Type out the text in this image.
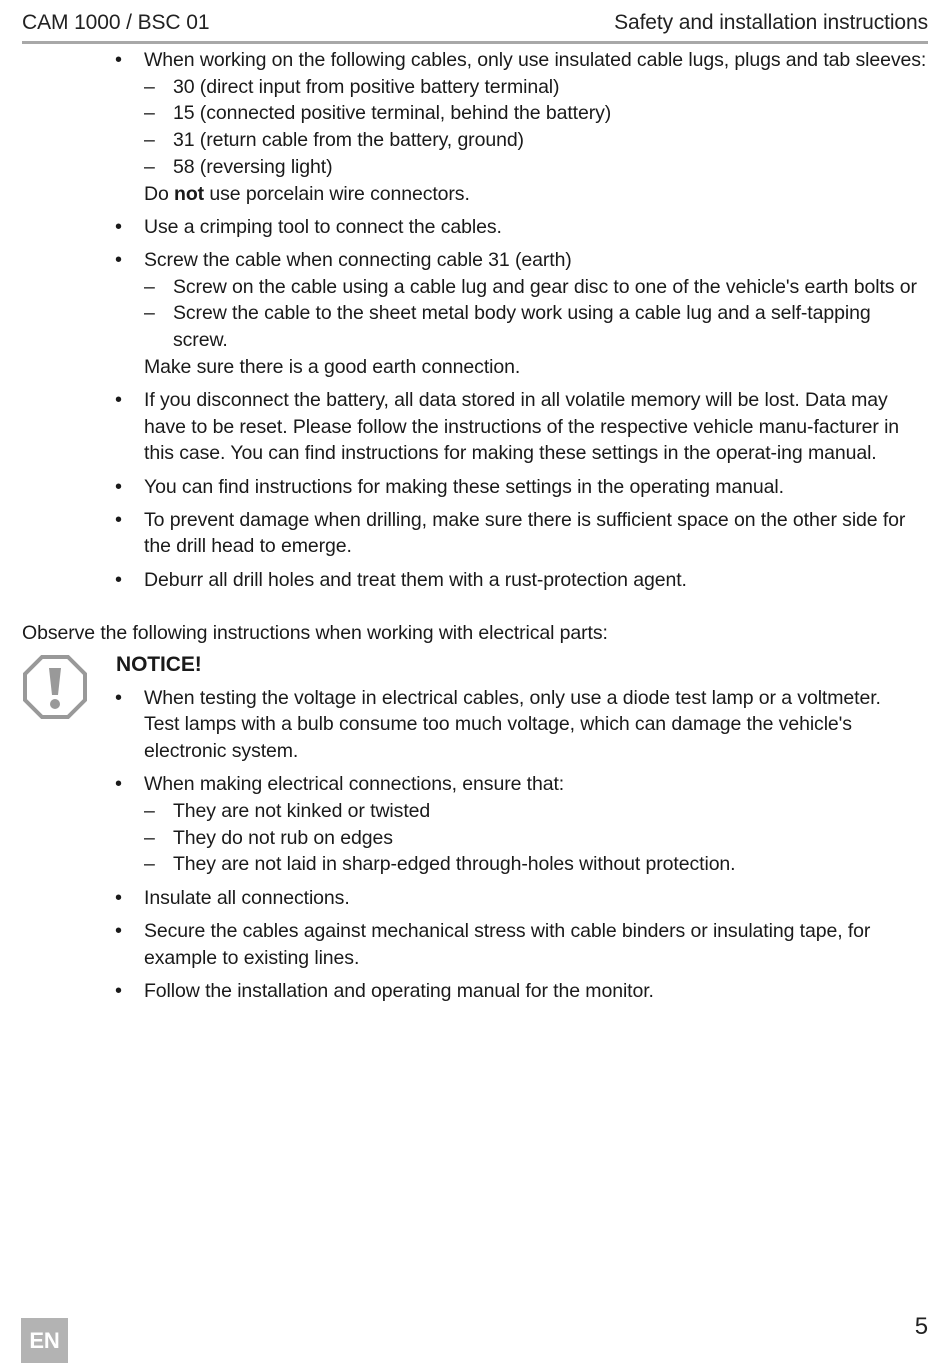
CAM 1000 / BSC 01	Safety and installation instructions
• When working on the following cables, only use insulated cable lugs, plugs and tab sleeves:
– 30 (direct input from positive battery terminal)
– 15 (connected positive terminal, behind the battery)
– 31 (return cable from the battery, ground)
– 58 (reversing light)
Do not use porcelain wire connectors.
• Use a crimping tool to connect the cables.
• Screw the cable when connecting cable 31 (earth)
– Screw on the cable using a cable lug and gear disc to one of the vehicle's earth bolts or
– Screw the cable to the sheet metal body work using a cable lug and a self-tapping screw.
Make sure there is a good earth connection.
• If you disconnect the battery, all data stored in all volatile memory will be lost. Data may have to be reset. Please follow the instructions of the respective vehicle manu-facturer in this case. You can find instructions for making these settings in the operat-ing manual.
• You can find instructions for making these settings in the operating manual.
• To prevent damage when drilling, make sure there is sufficient space on the other side for the drill head to emerge.
• Deburr all drill holes and treat them with a rust-protection agent.

Observe the following instructions when working with electrical parts:

NOTICE!
• When testing the voltage in electrical cables, only use a diode test lamp or a voltmeter.
Test lamps with a bulb consume too much voltage, which can damage the vehicle's electronic system.
• When making electrical connections, ensure that:
– They are not kinked or twisted
– They do not rub on edges
– They are not laid in sharp-edged through-holes without protection.
• Insulate all connections.
• Secure the cables against mechanical stress with cable binders or insulating tape, for example to existing lines.
• Follow the installation and operating manual for the monitor.
EN
5
